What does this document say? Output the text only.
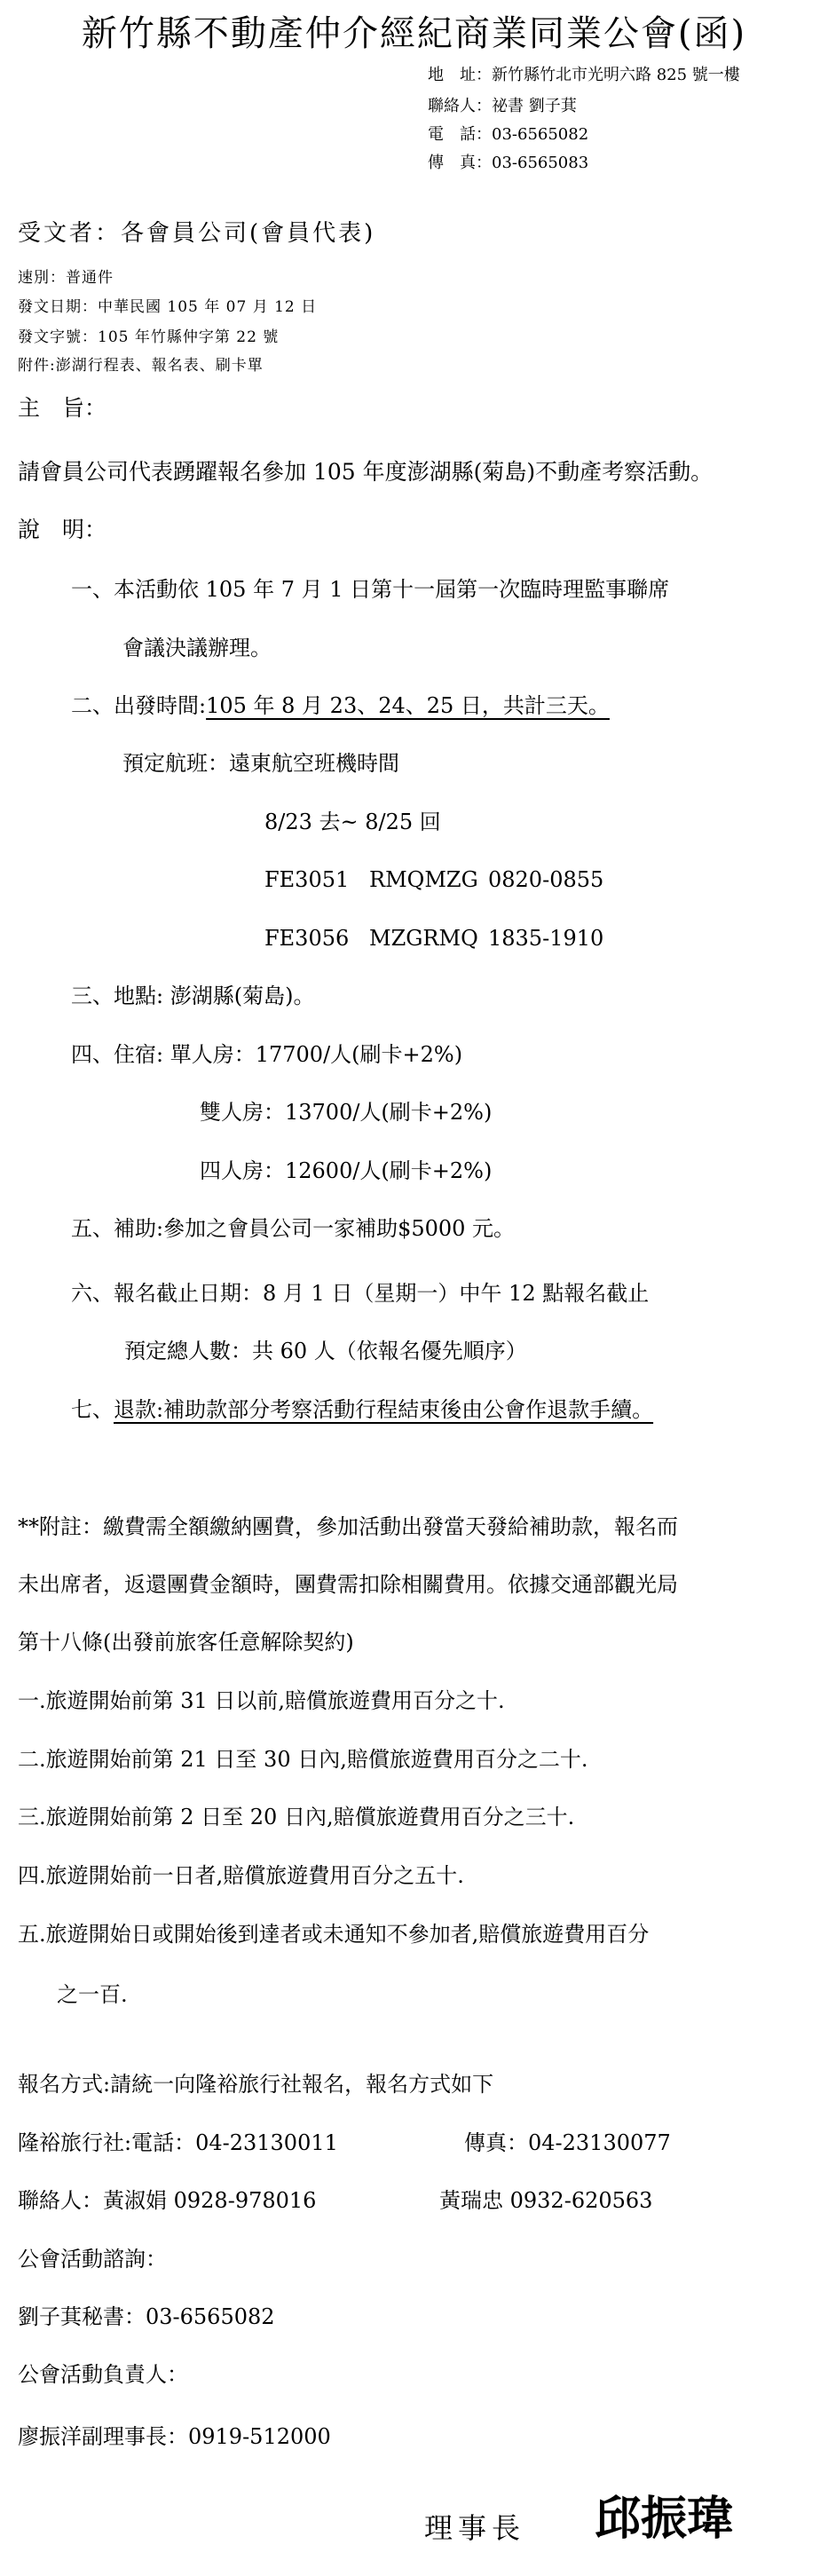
新竹縣不動產仲介經紀商業同業公會(函)
地　址：新竹縣竹北市光明六路 825 號一樓
聯絡人：祕書 劉子萁
電　話：03-6565082
傳　真：03-6565083
受文者：各會員公司(會員代表)
速別：普通件
發文日期：中華民國 105 年 07 月 12 日
發文字號：105 年竹縣仲字第 22 號
附件:澎湖行程表、報名表、刷卡單
主　旨：
請會員公司代表踴躍報名參加 105 年度澎湖縣(菊島)不動產考察活動。
說　明：
一、本活動依 105 年 7 月 1 日第十一屆第一次臨時理監事聯席
會議決議辦理。
二、出發時間:105 年 8 月 23、24、25 日，共計三天。
預定航班：遠東航空班機時間
8/23 去~ 8/25 回
FE3051 RMQMZG 0820-0855
FE3056 MZGRMQ 1835-1910
三、地點: 澎湖縣(菊島)。
四、住宿: 單人房：17700/人(刷卡+2%)
雙人房：13700/人(刷卡+2%)
四人房：12600/人(刷卡+2%)
五、補助:參加之會員公司一家補助$5000 元。
六、報名截止日期：8 月 1 日（星期一）中午 12 點報名截止
預定總人數：共 60 人（依報名優先順序）
七、退款:補助款部分考察活動行程結束後由公會作退款手續。
**附註：繳費需全額繳納團費，參加活動出發當天發給補助款，報名而
未出席者，返還團費金額時，團費需扣除相關費用。依據交通部觀光局
第十八條(出發前旅客任意解除契約)
一.旅遊開始前第 31 日以前,賠償旅遊費用百分之十.
二.旅遊開始前第 21 日至 30 日內,賠償旅遊費用百分之二十.
三.旅遊開始前第 2 日至 20 日內,賠償旅遊費用百分之三十.
四.旅遊開始前一日者,賠償旅遊費用百分之五十.
五.旅遊開始日或開始後到達者或未通知不參加者,賠償旅遊費用百分
之一百.
報名方式:請統一向隆裕旅行社報名，報名方式如下
隆裕旅行社:電話：04-23130011	傳真：04-23130077
聯絡人：黃淑娟 0928-978016	黃瑞忠 0932-620563
公會活動諮詢：
劉子萁秘書：03-6565082
公會活動負責人：
廖振洋副理事長：0919-512000
理事長 邱振瑋
